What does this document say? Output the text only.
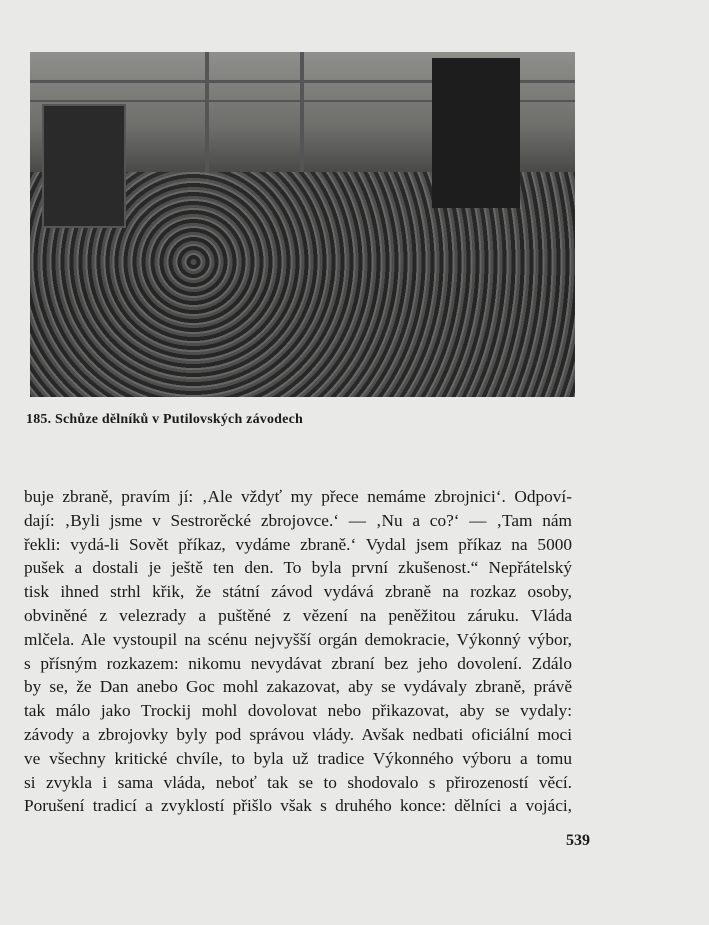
185. Schůze dělníků v Putilovských závodech
buje zbraně, pravím jí: ‚Ale vždyť my přece nemáme zbrojnici‘. Odpoví-
dají: ‚Byli jsme v Sestrorěcké zbrojovce.‘ — ‚Nu a co?‘ — ‚Tam nám
řekli: vydá-li Sovět příkaz, vydáme zbraně.‘ Vydal jsem příkaz na 5000
pušek a dostali je ještě ten den. To byla první zkušenost.“ Nepřátelský
tisk ihned strhl křik, že státní závod vydává zbraně na rozkaz osoby,
obviněné z velezrady a puštěné z vězení na peněžitou záruku. Vláda
mlčela. Ale vystoupil na scénu nejvyšší orgán demokracie, Výkonný výbor,
s přísným rozkazem: nikomu nevydávat zbraní bez jeho dovolení. Zdálo
by se, že Dan anebo Goc mohl zakazovat, aby se vydávaly zbraně, právě
tak málo jako Trockij mohl dovolovat nebo přikazovat, aby se vydaly:
závody a zbrojovky byly pod správou vlády. Avšak nedbati oficiální moci
ve všechny kritické chvíle, to byla už tradice Výkonného výboru a tomu
si zvykla i sama vláda, neboť tak se to shodovalo s přirozeností věcí.
Porušení tradicí a zvyklostí přišlo však s druhého konce: dělníci a vojáci,
539
